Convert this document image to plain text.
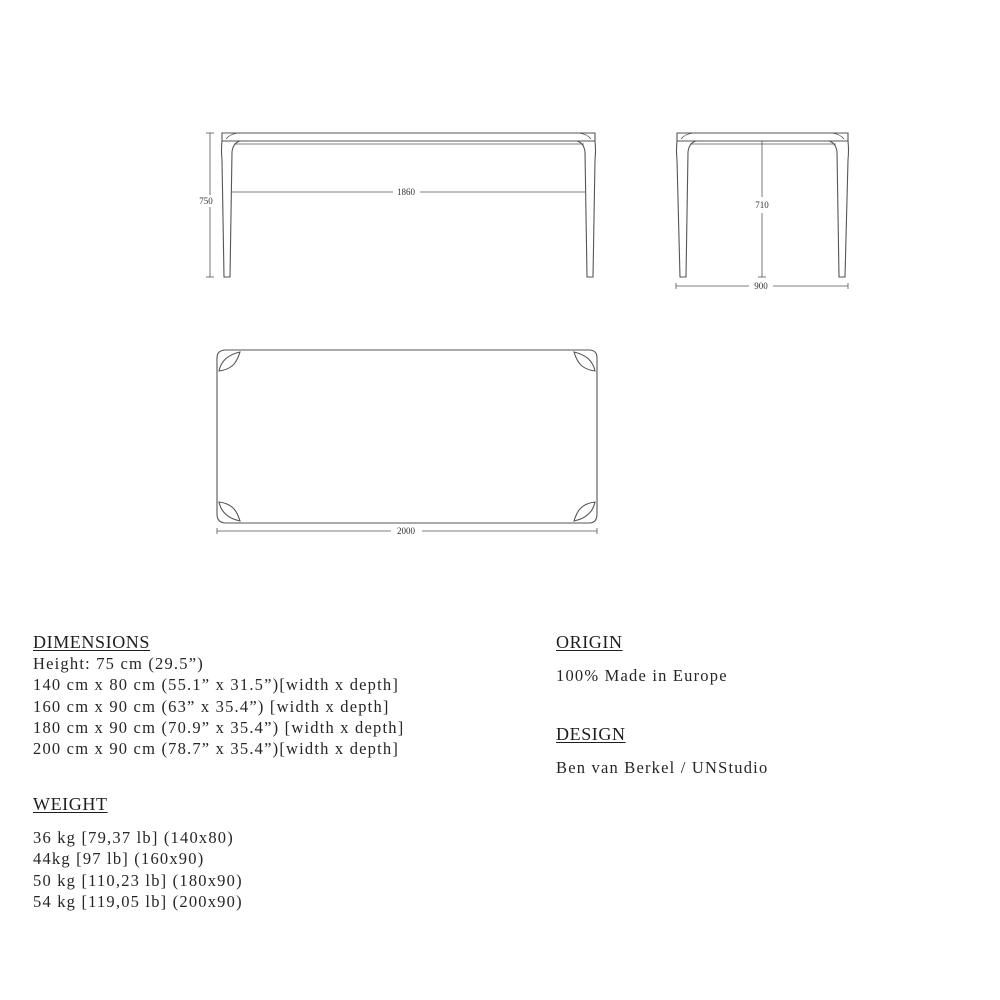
750
1860
710
900
2000

DIMENSIONS

Height: 75 cm (29.5”)

140 cm x 80 cm (55.1” x 31.5”)[width x depth]

160 cm x 90 cm (63” x 35.4”) [width x depth]

180 cm x 90 cm (70.9” x 35.4”) [width x depth]

200 cm x 90 cm (78.7” x 35.4”)[width x depth]

WEIGHT

36 kg [79,37 lb] (140x80)

44kg [97 lb] (160x90)

50 kg [110,23 lb] (180x90)

54 kg [119,05 lb] (200x90)

ORIGIN

100% Made in Europe

DESIGN

Ben van Berkel / UNStudio
